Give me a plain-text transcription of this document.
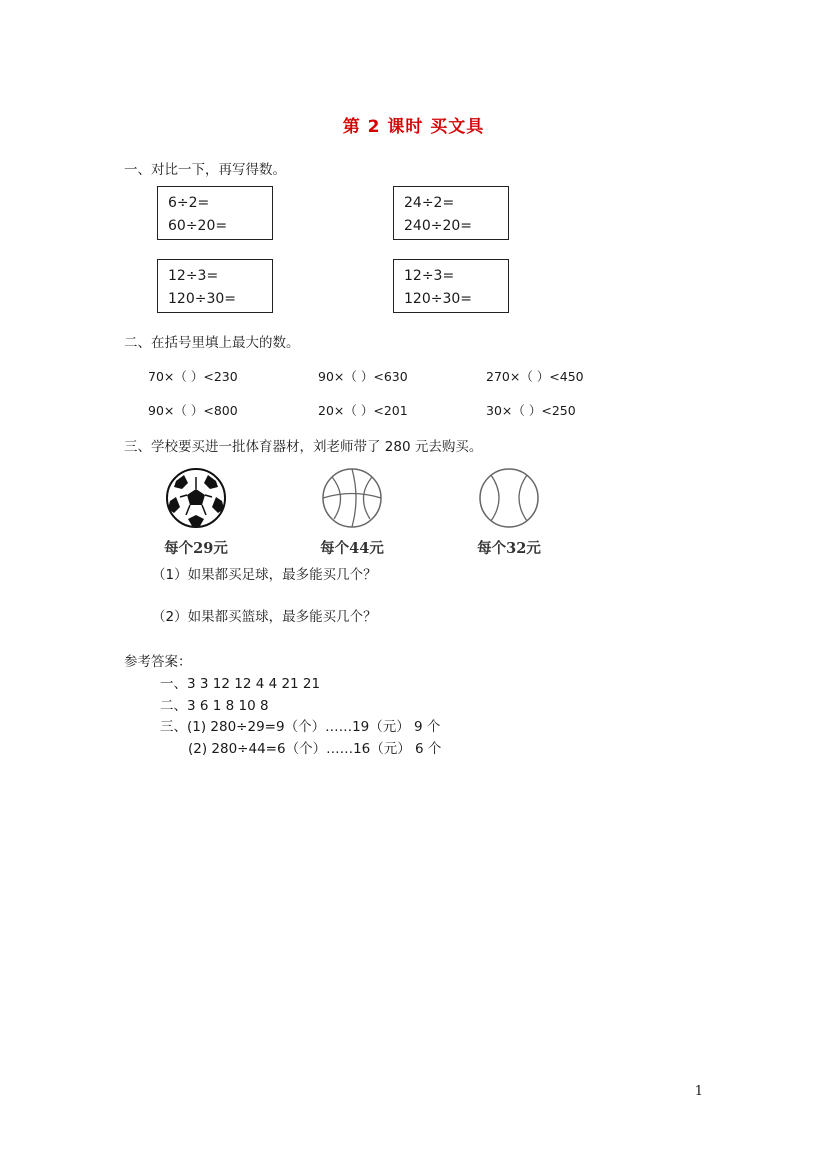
第 2 课时 买文具
一、对比一下，再写得数。
6÷2=
60÷20=
24÷2=
240÷20=
12÷3=
120÷30=
12÷3=
120÷30=
二、在括号里填上最大的数。
70×（ ）<230	90×（ ）<630	270×（ ）<450
90×（ ）<800	20×（ ）<201	30×（ ）<250
三、学校要买进一批体育器材，刘老师带了 280 元去购买。
每个29元	每个44元	每个32元
（1）如果都买足球，最多能买几个？
（2）如果都买篮球，最多能买几个？
参考答案：
一、3 3 12 12 4 4 21 21
二、3 6 1 8 10 8
三、(1) 280÷29=9（个）……19（元） 9 个
(2) 280÷44=6（个）……16（元） 6 个
1
